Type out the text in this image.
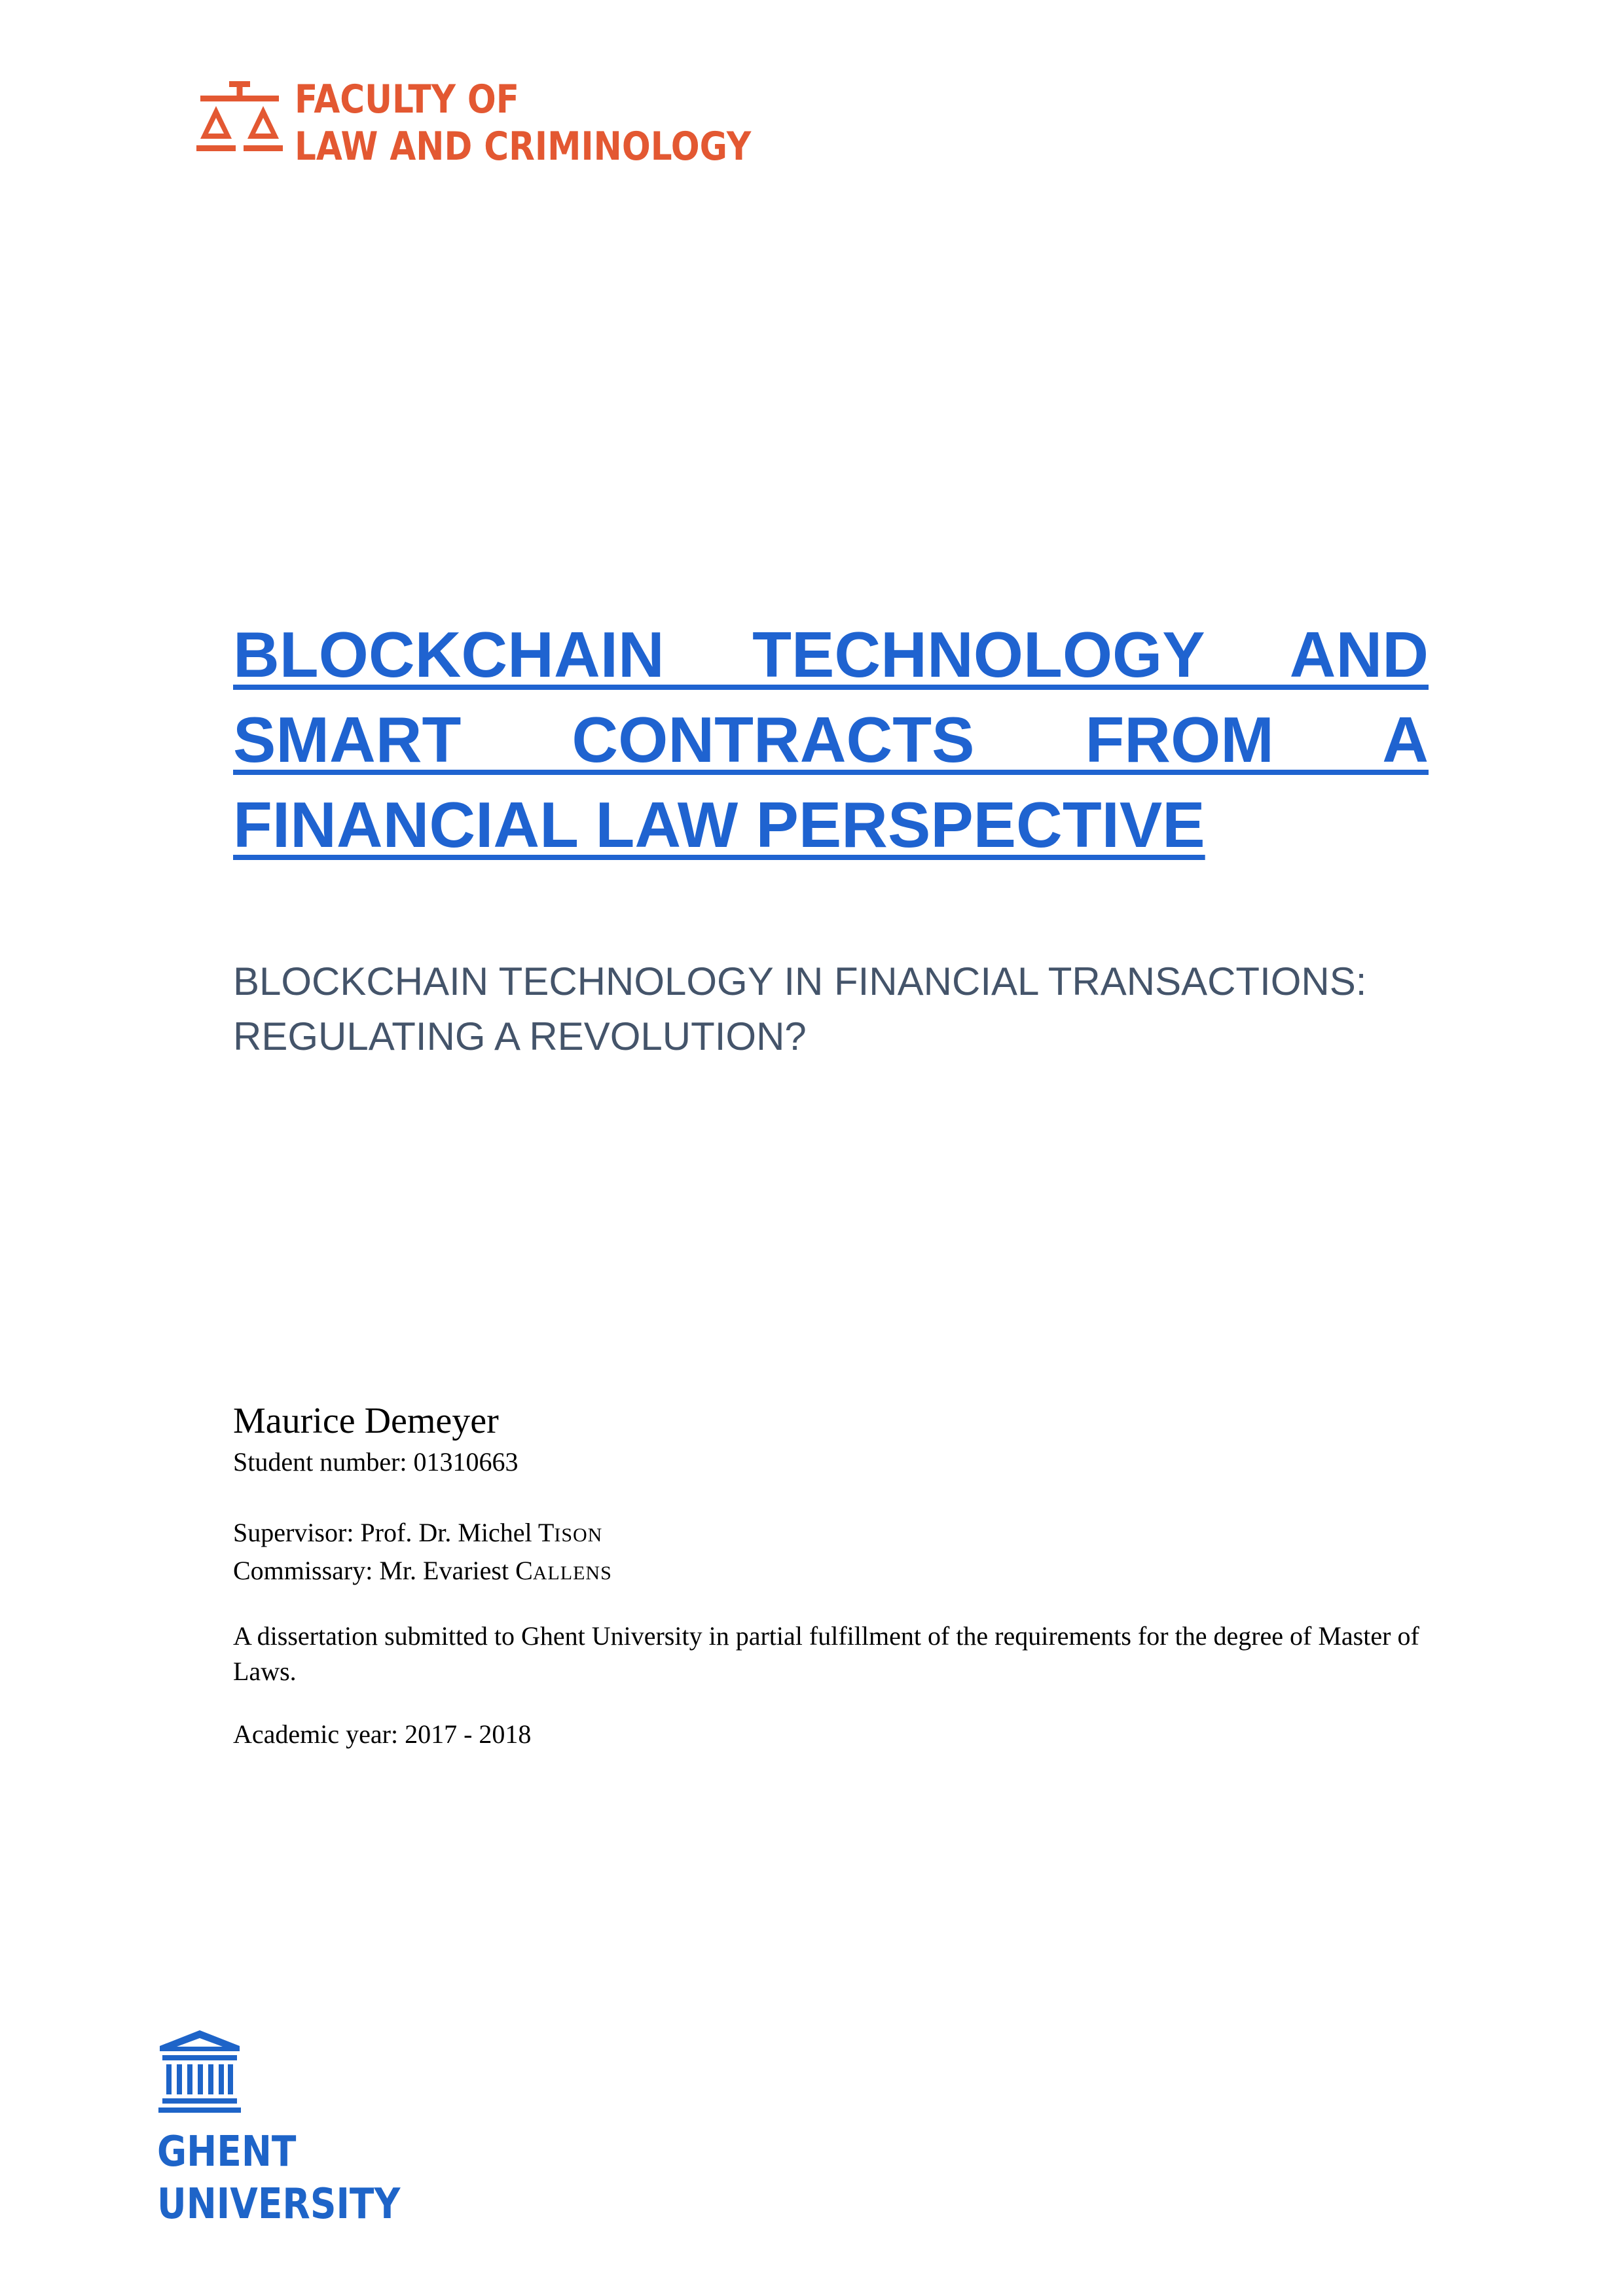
FACULTY OF
LAW AND CRIMINOLOGY
BLOCKCHAIN TECHNOLOGY AND SMART CONTRACTS FROM A FINANCIAL LAW PERSPECTIVE
BLOCKCHAIN TECHNOLOGY IN FINANCIAL TRANSACTIONS:
REGULATING A REVOLUTION?
Maurice Demeyer
Student number: 01310663
Supervisor: Prof. Dr. Michel TISON
Commissary: Mr. Evariest CALLENS
A dissertation submitted to Ghent University in partial fulfillment of the requirements for the degree of Master of Laws.
Academic year: 2017 - 2018
GHENT
UNIVERSITY
